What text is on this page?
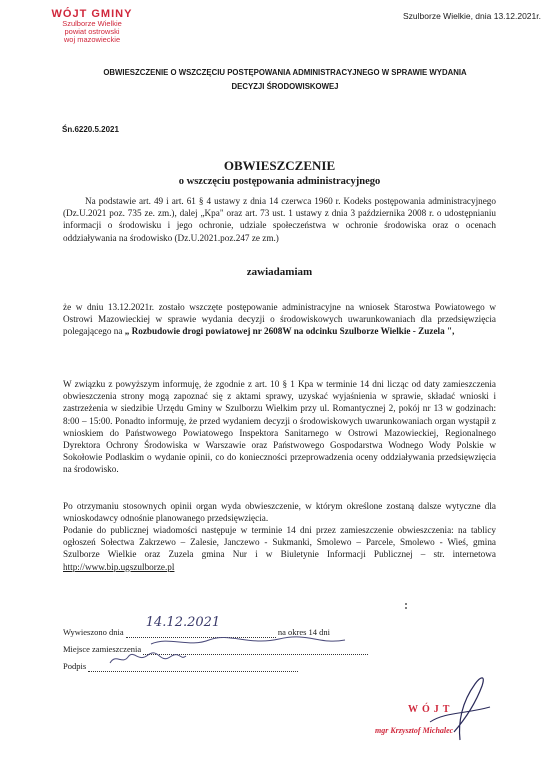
WÓJT GMINY
Szulborze Wielkie
powiat ostrowski
woj mazowieckie
Szulborze Wielkie, dnia 13.12.2021r.
OBWIESZCZENIE O WSZCZĘCIU POSTĘPOWANIA ADMINISTRACYJNEGO W SPRAWIE WYDANIA
DECYZJI ŚRODOWISKOWEJ
Śn.6220.5.2021
OBWIESZCZENIE
o wszczęciu postępowania administracyjnego
Na podstawie art. 49 i art. 61 § 4 ustawy z dnia 14 czerwca 1960 r. Kodeks postępowania administracyjnego (Dz.U.2021 poz. 735 ze. zm.), dalej „Kpa" oraz art. 73 ust. 1 ustawy z dnia 3 października 2008 r. o udostępnianiu informacji o środowisku i jego ochronie, udziale społeczeństwa w ochronie środowiska oraz o ocenach oddziaływania na środowisko (Dz.U.2021.poz.247 ze zm.)
zawiadamiam
że w dniu 13.12.2021r. zostało wszczęte postępowanie administracyjne na wniosek Starostwa Powiatowego w Ostrowi Mazowieckiej w sprawie wydania decyzji o środowiskowych uwarunkowaniach dla przedsięwzięcia polegającego na „ Rozbudowie drogi powiatowej nr 2608W na odcinku Szulborze Wielkie - Zuzela ",
W związku z powyższym informuję, że zgodnie z art. 10 § 1 Kpa w terminie 14 dni licząc od daty zamieszczenia obwieszczenia strony mogą zapoznać się z aktami sprawy, uzyskać wyjaśnienia w sprawie, składać wnioski i zastrzeżenia w siedzibie Urzędu Gminy w Szulborzu Wielkim przy ul. Romantycznej 2, pokój nr 13 w godzinach: 8:00 – 15:00. Ponadto informuję, że przed wydaniem decyzji o środowiskowych uwarunkowaniach organ wystąpił z wnioskiem do Państwowego Powiatowego Inspektora Sanitarnego w Ostrowi Mazowieckiej, Regionalnego Dyrektora Ochrony Środowiska w Warszawie oraz Państwowego Gospodarstwa Wodnego Wody Polskie w Sokołowie Podlaskim o wydanie opinii, co do konieczności przeprowadzenia oceny oddziaływania przedsięwzięcia na środowisko.
Po otrzymaniu stosownych opinii organ wyda obwieszczenie, w którym określone zostaną dalsze wytyczne dla wnioskodawcy odnośnie planowanego przedsięwzięcia.
Podanie do publicznej wiadomości następuje w terminie 14 dni przez zamieszczenie obwieszczenia: na tablicy ogłoszeń Sołectwa Zakrzewo – Zalesie, Janczewo - Sukmanki, Smolewo – Parcele, Smolewo - Wieś, gmina Szulborze Wielkie oraz Zuzela gmina Nur i w Biuletynie Informacji Publicznej – str. internetowa http://www.bip.ugszulborze.pl
Wywieszono dnia
14.12.2021
na okres 14 dni
Miejsce zamieszczenia

Podpis

WÓJT
mgr Krzysztof Michalec
